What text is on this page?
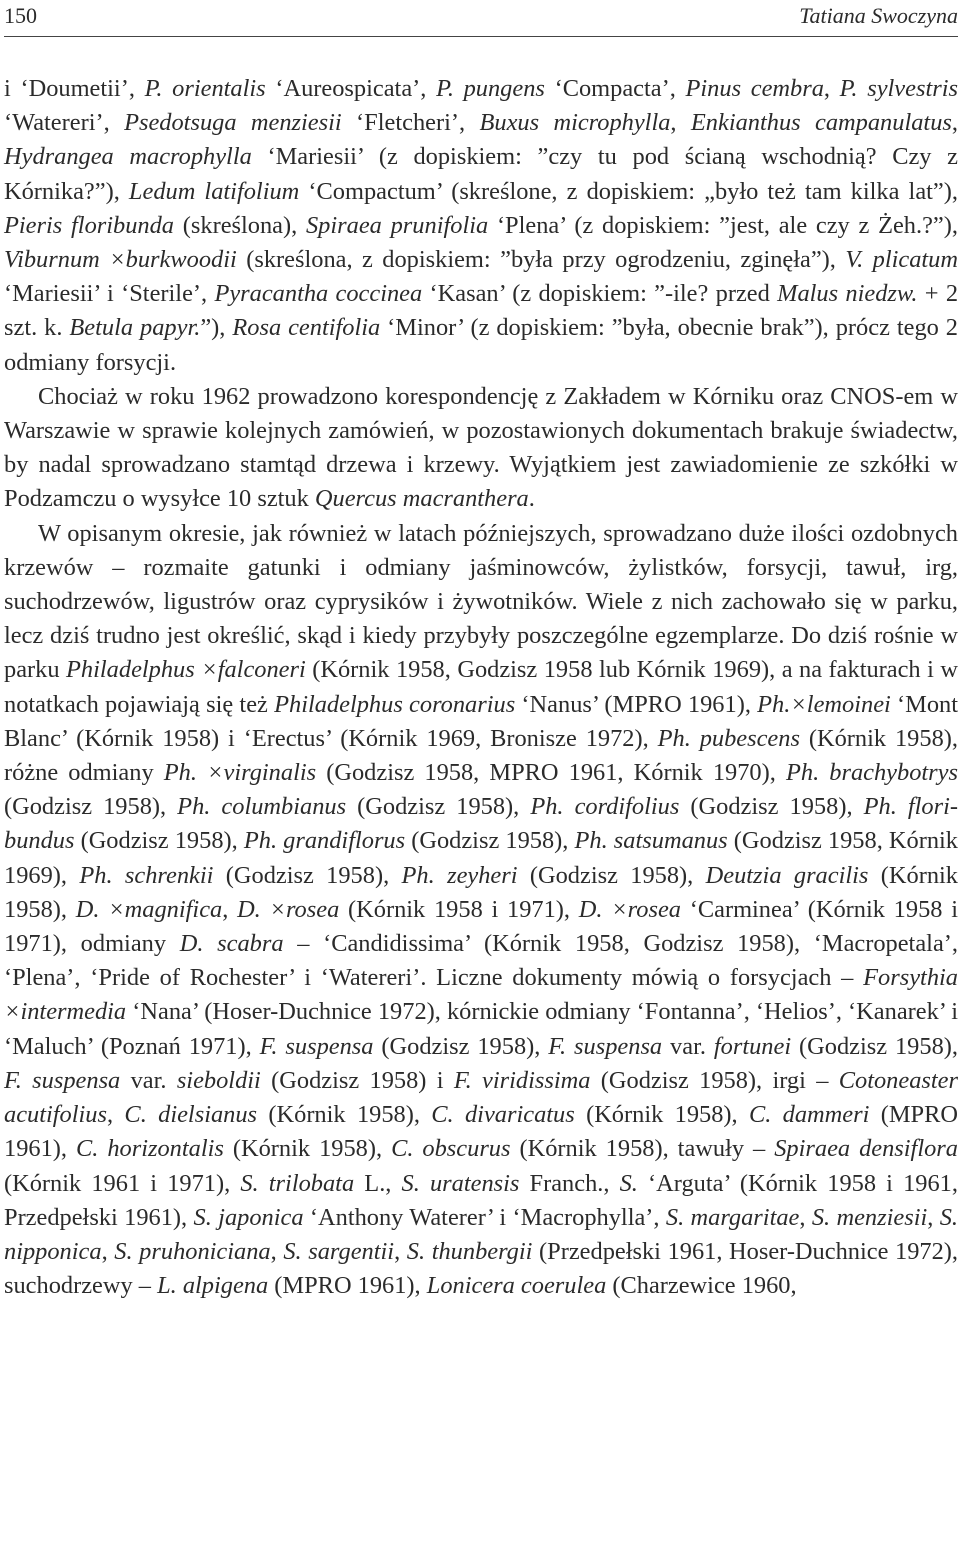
150	Tatiana Swoczyna

i ‘Doumetii’, P. orientalis ‘Aureospicata’, P. pungens ‘Compacta’, Pinus cembra, P. sylvestris ‘Watereri’, Psedotsuga menziesii ‘Fletcheri’, Buxus microphylla, Enkianthus campanulatus, Hydrangea macrophylla ‘Mariesii’ (z dopiskiem: ”czy tu pod ścianą wschodnią? Czy z Kórnika?”), Ledum latifolium ‘Compactum’ (skreślone, z dopiskiem: „było też tam kilka lat”), Pieris floribunda (skreślona), Spiraea prunifolia ‘Plena’ (z dopiskiem: ”jest, ale czy z Żeh.?”), Viburnum ×burkwoodii (skreślona, z dopiskiem: ”była przy ogrodzeniu, zginęła”), V. plicatum ‘Mariesii’ i ‘Sterile’, Pyracantha coccinea ‘Kasan’ (z dopiskiem: ”-ile? przed Malus niedzw. + 2 szt. k. Betula papyr.”), Rosa centifolia ‘Minor’ (z dopiskiem: ”była, obecnie brak”), prócz tego 2 odmiany forsycji.

Chociaż w roku 1962 prowadzono korespondencję z Zakładem w Kórniku oraz CNOS-em w Warszawie w sprawie kolejnych zamówień, w pozostawionych dokumentach brakuje świadectw, by nadal sprowadzano stamtąd drzewa i krzewy. Wyjątkiem jest zawiadomienie ze szkółki w Podzamczu o wysyłce 10 sztuk Quercus macranthera.

W opisanym okresie, jak również w latach późniejszych, sprowadzano duże ilości ozdobnych krzewów – rozmaite gatunki i odmiany jaśminowców, żylistków, forsycji, tawuł, irg, suchodrzewów, ligustrów oraz cyprysików i żywotników. Wiele z nich zachowało się w parku, lecz dziś trudno jest określić, skąd i kiedy przybyły poszczególne egzemplarze. Do dziś rośnie w parku Philadelphus ×falconeri (Kórnik 1958, Godzisz 1958 lub Kórnik 1969), a na fakturach i w notatkach pojawiają się też Philadelphus coronarius ‘Nanus’ (MPRO 1961), Ph.×lemoinei ‘Mont Blanc’ (Kórnik 1958) i ‘Erectus’ (Kórnik 1969, Bronisze 1972), Ph. pubescens (Kórnik 1958), różne odmiany Ph. ×virginalis (Godzisz 1958, MPRO 1961, Kórnik 1970), Ph. brachybotrys (Godzisz 1958), Ph. columbianus (Godzisz 1958), Ph. cordifolius (Godzisz 1958), Ph. floribundus (Godzisz 1958), Ph. grandiflorus (Godzisz 1958), Ph. satsumanus (Godzisz 1958, Kórnik 1969), Ph. schrenkii (Godzisz 1958), Ph. zeyheri (Godzisz 1958), Deutzia gracilis (Kórnik 1958), D. ×magnifica, D. ×rosea (Kórnik 1958 i 1971), D. ×rosea ‘Carminea’ (Kórnik 1958 i 1971), odmiany D. scabra – ‘Candidissima’ (Kórnik 1958, Godzisz 1958), ‘Macropetala’, ‘Plena’, ‘Pride of Rochester’ i ‘Watereri’. Liczne dokumenty mówią o forsycjach – Forsythia ×intermedia ‘Nana’ (Hoser-Duchnice 1972), kórnickie odmiany ‘Fontanna’, ‘Helios’, ‘Kanarek’ i ‘Maluch’ (Poznań 1971), F. suspensa (Godzisz 1958), F. suspensa var. fortunei (Godzisz 1958), F. suspensa var. sieboldii (Godzisz 1958) i F. viridissima (Godzisz 1958), irgi – Cotoneaster acutifolius, C. dielsianus (Kórnik 1958), C. divaricatus (Kórnik 1958), C. dammeri (MPRO 1961), C. horizontalis (Kórnik 1958), C. obscurus (Kórnik 1958), tawuły – Spiraea densiflora (Kórnik 1961 i 1971), S. trilobata L., S. uratensis Franch., S. ‘Arguta’ (Kórnik 1958 i 1961, Przedpełski 1961), S. japonica ‘Anthony Waterer’ i ‘Macrophylla’, S. margaritae, S. menziesii, S. nipponica, S. pruhoniciana, S. sargentii, S. thunbergii (Przedpełski 1961, Hoser-Duchnice 1972), suchodrzewy – L. alpigena (MPRO 1961), Lonicera coerulea (Charzewice 1960,
